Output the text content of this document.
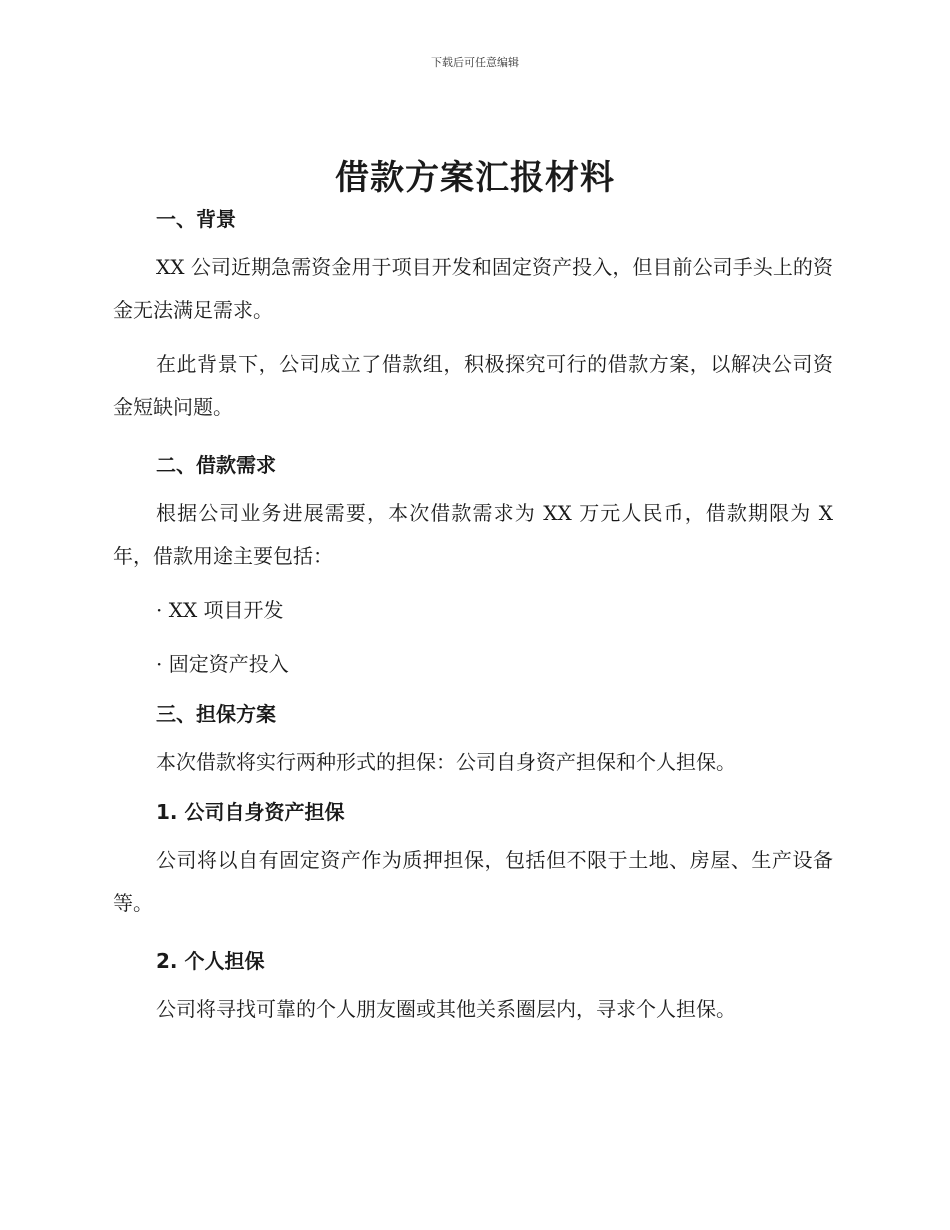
下载后可任意编辑
借款方案汇报材料

一、背景

XX 公司近期急需资金用于项目开发和固定资产投入，但目前公司手头上的资金无法满足需求。

在此背景下，公司成立了借款组，积极探究可行的借款方案，以解决公司资金短缺问题。

二、借款需求

根据公司业务进展需要，本次借款需求为 XX 万元人民币，借款期限为 X 年，借款用途主要包括：

· XX 项目开发

· 固定资产投入

三、担保方案

本次借款将实行两种形式的担保：公司自身资产担保和个人担保。

1. 公司自身资产担保

公司将以自有固定资产作为质押担保，包括但不限于土地、房屋、生产设备等。

2. 个人担保

公司将寻找可靠的个人朋友圈或其他关系圈层内，寻求个人担保。
